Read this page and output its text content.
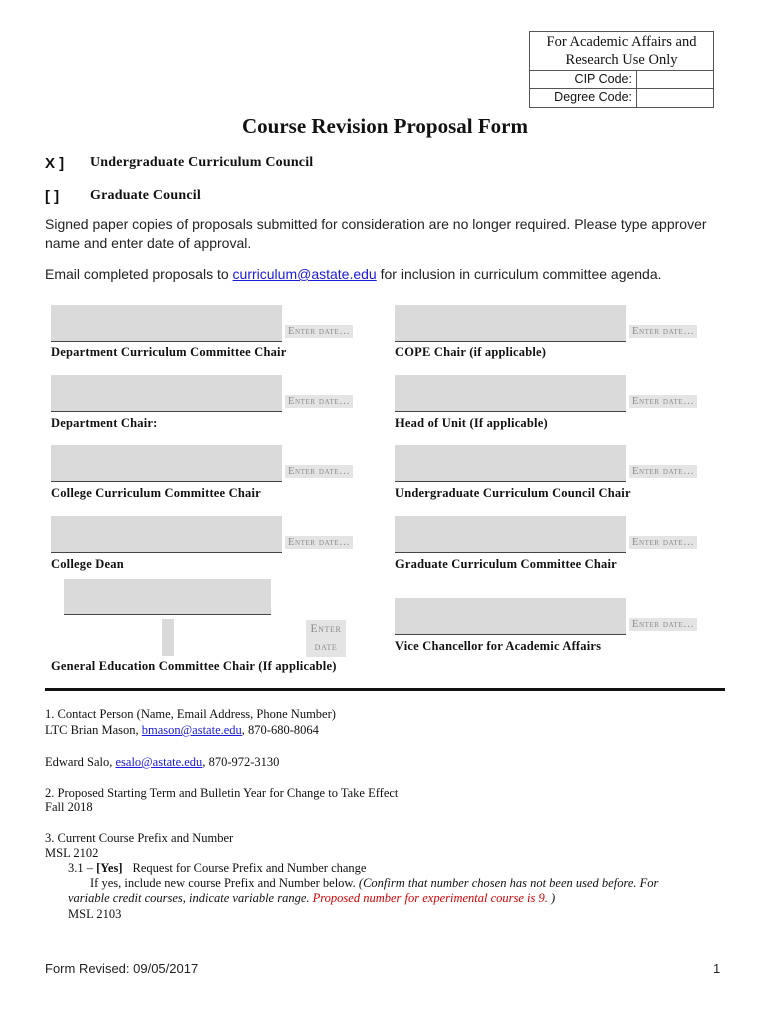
For Academic Affairs and Research Use Only
CIP Code:
Degree Code:
Course Revision Proposal Form
X ]	Undergraduate Curriculum Council
[ ]	Graduate Council
Signed paper copies of proposals submitted for consideration are no longer required. Please type approver name and enter date of approval.
Email completed proposals to curriculum@astate.edu for inclusion in curriculum committee agenda.
Enter date…
Department Curriculum Committee Chair
Enter date…
COPE Chair (if applicable)
Enter date…
Department Chair:
Enter date…
Head of Unit (If applicable)
Enter date…
College Curriculum Committee Chair
Enter date…
Undergraduate Curriculum Council Chair
Enter date…
College Dean
Enter date…
Graduate Curriculum Committee Chair
Enter
date
General Education Committee Chair (If applicable)
Enter date…
Vice Chancellor for Academic Affairs
1. Contact Person (Name, Email Address, Phone Number)
LTC Brian Mason, bmason@astate.edu, 870-680-8064
Edward Salo, esalo@astate.edu, 870-972-3130
2. Proposed Starting Term and Bulletin Year for Change to Take Effect
Fall 2018
3. Current Course Prefix and Number
MSL 2102
3.1 – [Yes] Request for Course Prefix and Number change
If yes, include new course Prefix and Number below. (Confirm that number chosen has not been used before. For
variable credit courses, indicate variable range. Proposed number for experimental course is 9. )
MSL 2103
Form Revised: 09/05/2017	1
